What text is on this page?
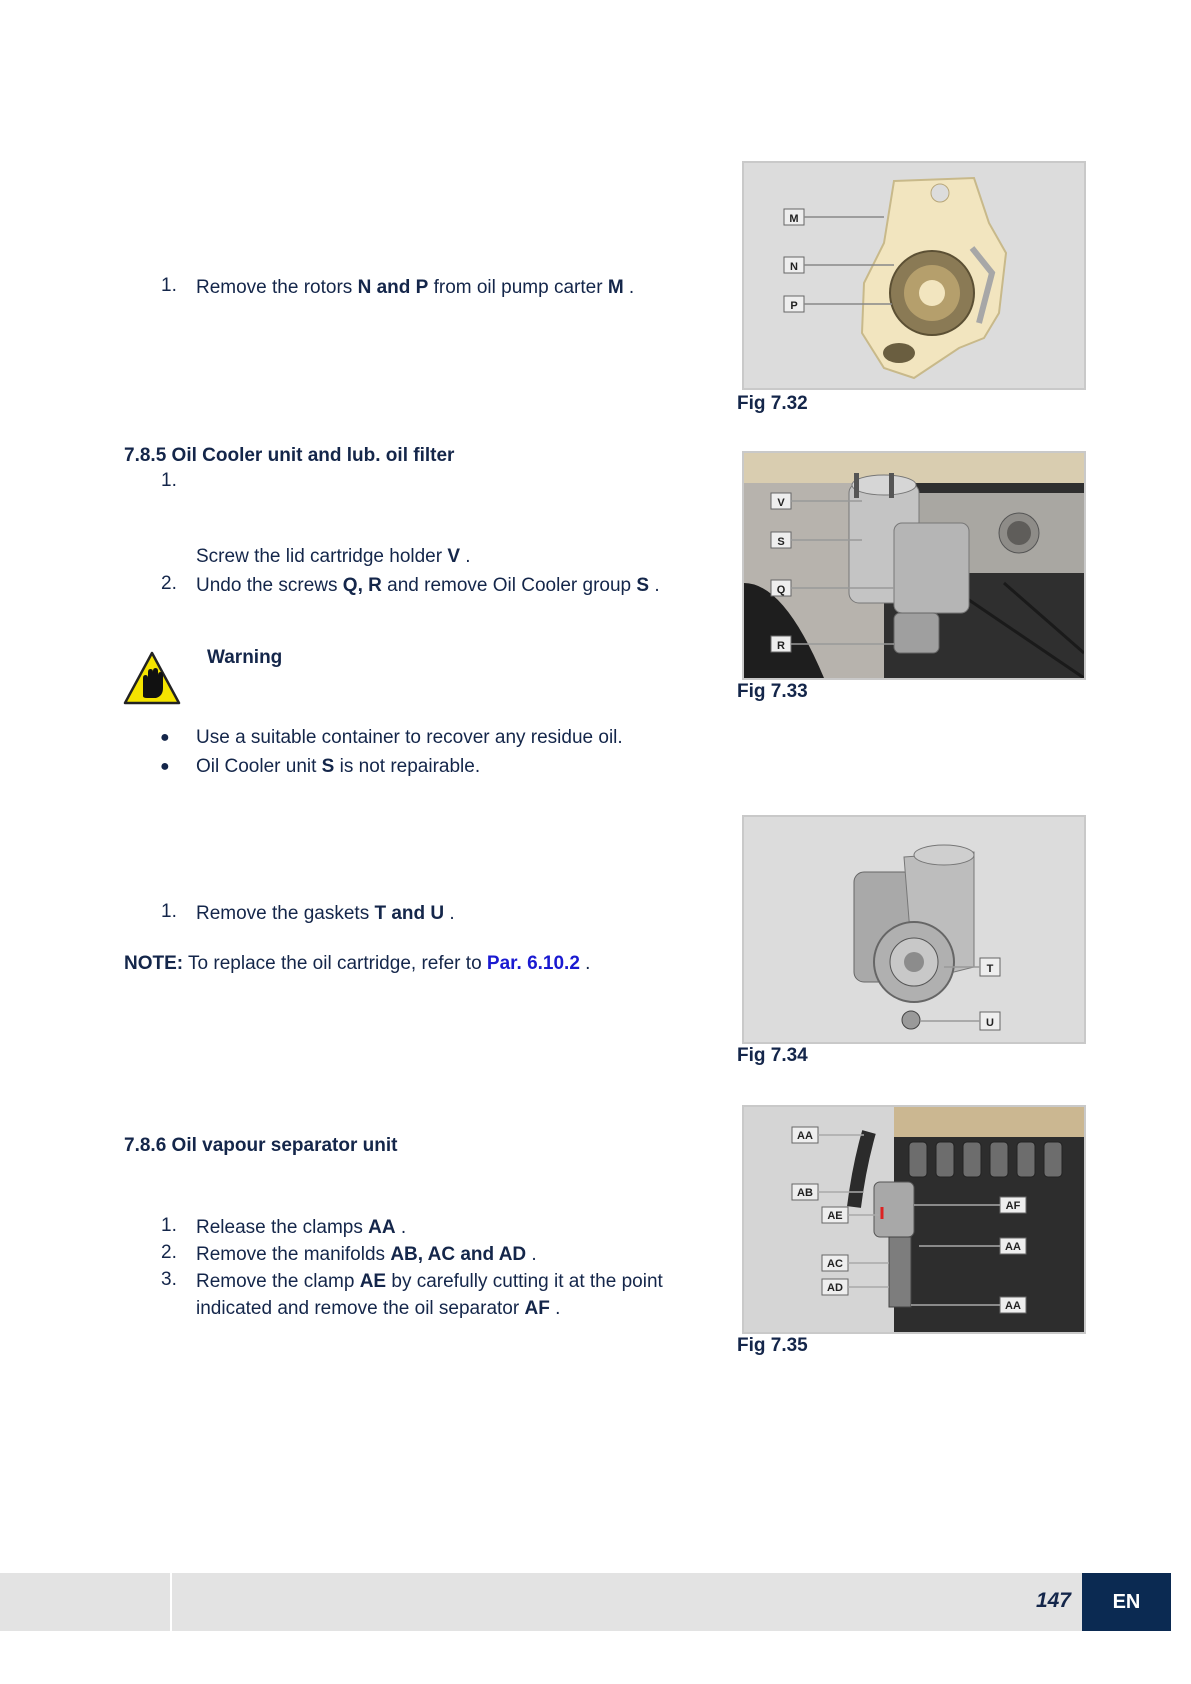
1. Remove the rotors N and P from oil pump carter M .
M
N
P
Fig 7.32
7.8.5 Oil Cooler unit and lub. oil filter
1.
Screw the lid cartridge holder V .
2. Undo the screws Q, R and remove Oil Cooler group S .
Warning
● Use a suitable container to recover any residue oil.
● Oil Cooler unit S is not repairable.
V
S
Q
R
Fig 7.33
1. Remove the gaskets T and U .
NOTE: To replace the oil cartridge, refer to Par. 6.10.2 .	T
U
Fig 7.34
7.8.6 Oil vapour separator unit
1. Release the clamps AA .
2. Remove the manifolds AB, AC and AD .
3. Remove the clamp AE by carefully cutting it at the point
indicated and remove the oil separator AF .
AA
AB
AE
AC
AD
AF
AA
AA
Fig 7.35
147	EN
